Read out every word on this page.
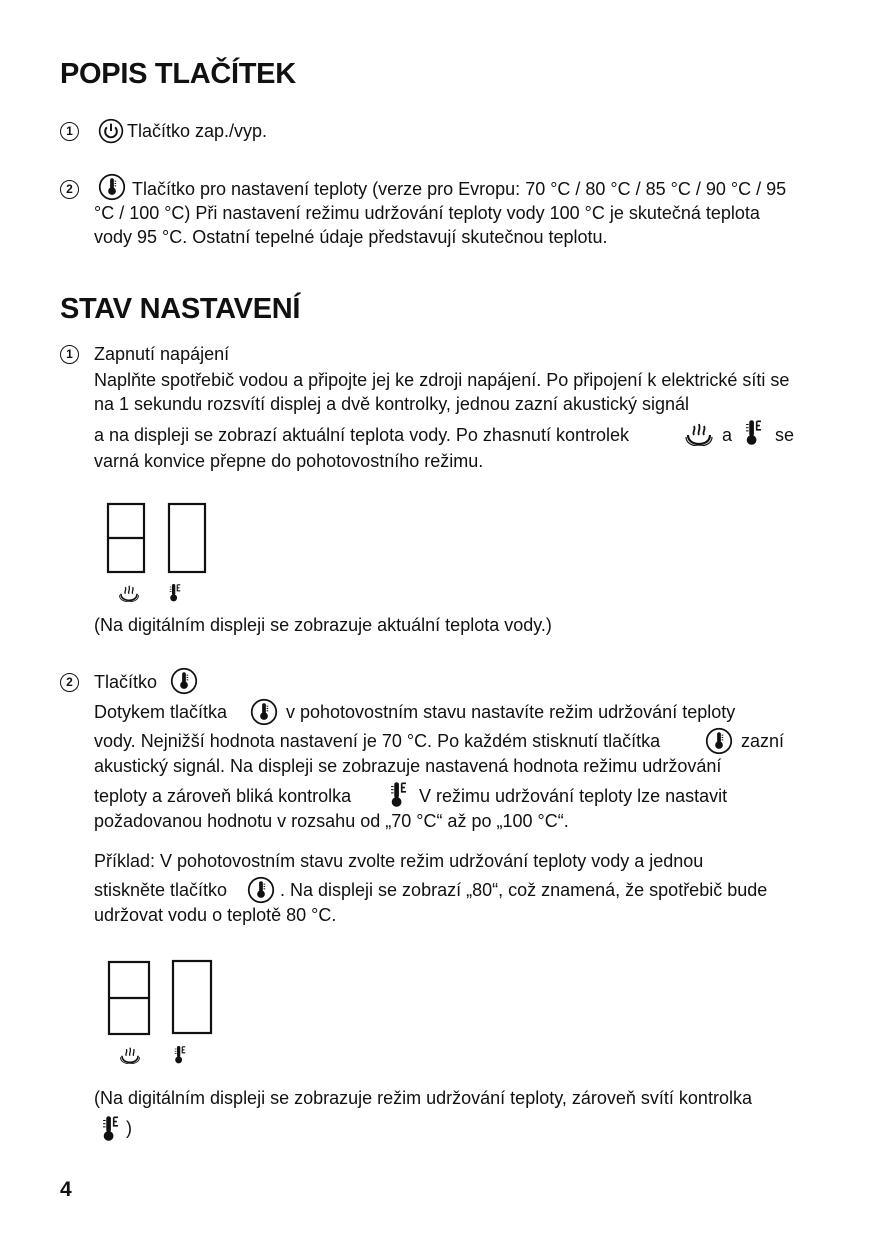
POPIS TLAČÍTEK
1	Tlačítko zap./vyp.
2	Tlačítko pro nastavení teploty (verze pro Evropu: 70 °C / 80 °C / 85 °C / 90 °C / 95 °C / 100 °C) Při nastavení režimu udržování teploty vody 100 °C je skutečná teplota vody 95 °C. Ostatní tepelné údaje představují skutečnou teplotu.
STAV NASTAVENÍ
1	Zapnutí napájení
Naplňte spotřebič vodou a připojte jej ke zdroji napájení. Po připojení k elektrické síti se na 1 sekundu rozsvítí displej a dvě kontrolky, jednou zazní akustický signál
a na displeji se zobrazí aktuální teplota vody. Po zhasnutí kontrolek	a se
varná konvice přepne do pohotovostního režimu.
(Na digitálním displeji se zobrazuje aktuální teplota vody.)
2	Tlačítko
Dotykem tlačítka	v pohotovostním stavu nastavíte režim udržování teploty
vody. Nejnižší hodnota nastavení je 70 °C. Po každém stisknutí tlačítka	zazní
akustický signál. Na displeji se zobrazuje nastavená hodnota režimu udržování
teploty a zároveň bliká kontrolka	V režimu udržování teploty lze nastavit
požadovanou hodnotu v rozsahu od „70 °C“ až po „100 °C“.
Příklad: V pohotovostním stavu zvolte režim udržování teploty vody a jednou
stiskněte tlačítko	. Na displeji se zobrazí „80“, což znamená, že spotřebič bude
udržovat vodu o teplotě 80 °C.
(Na digitálním displeji se zobrazuje režim udržování teploty, zároveň svítí kontrolka
)
4
